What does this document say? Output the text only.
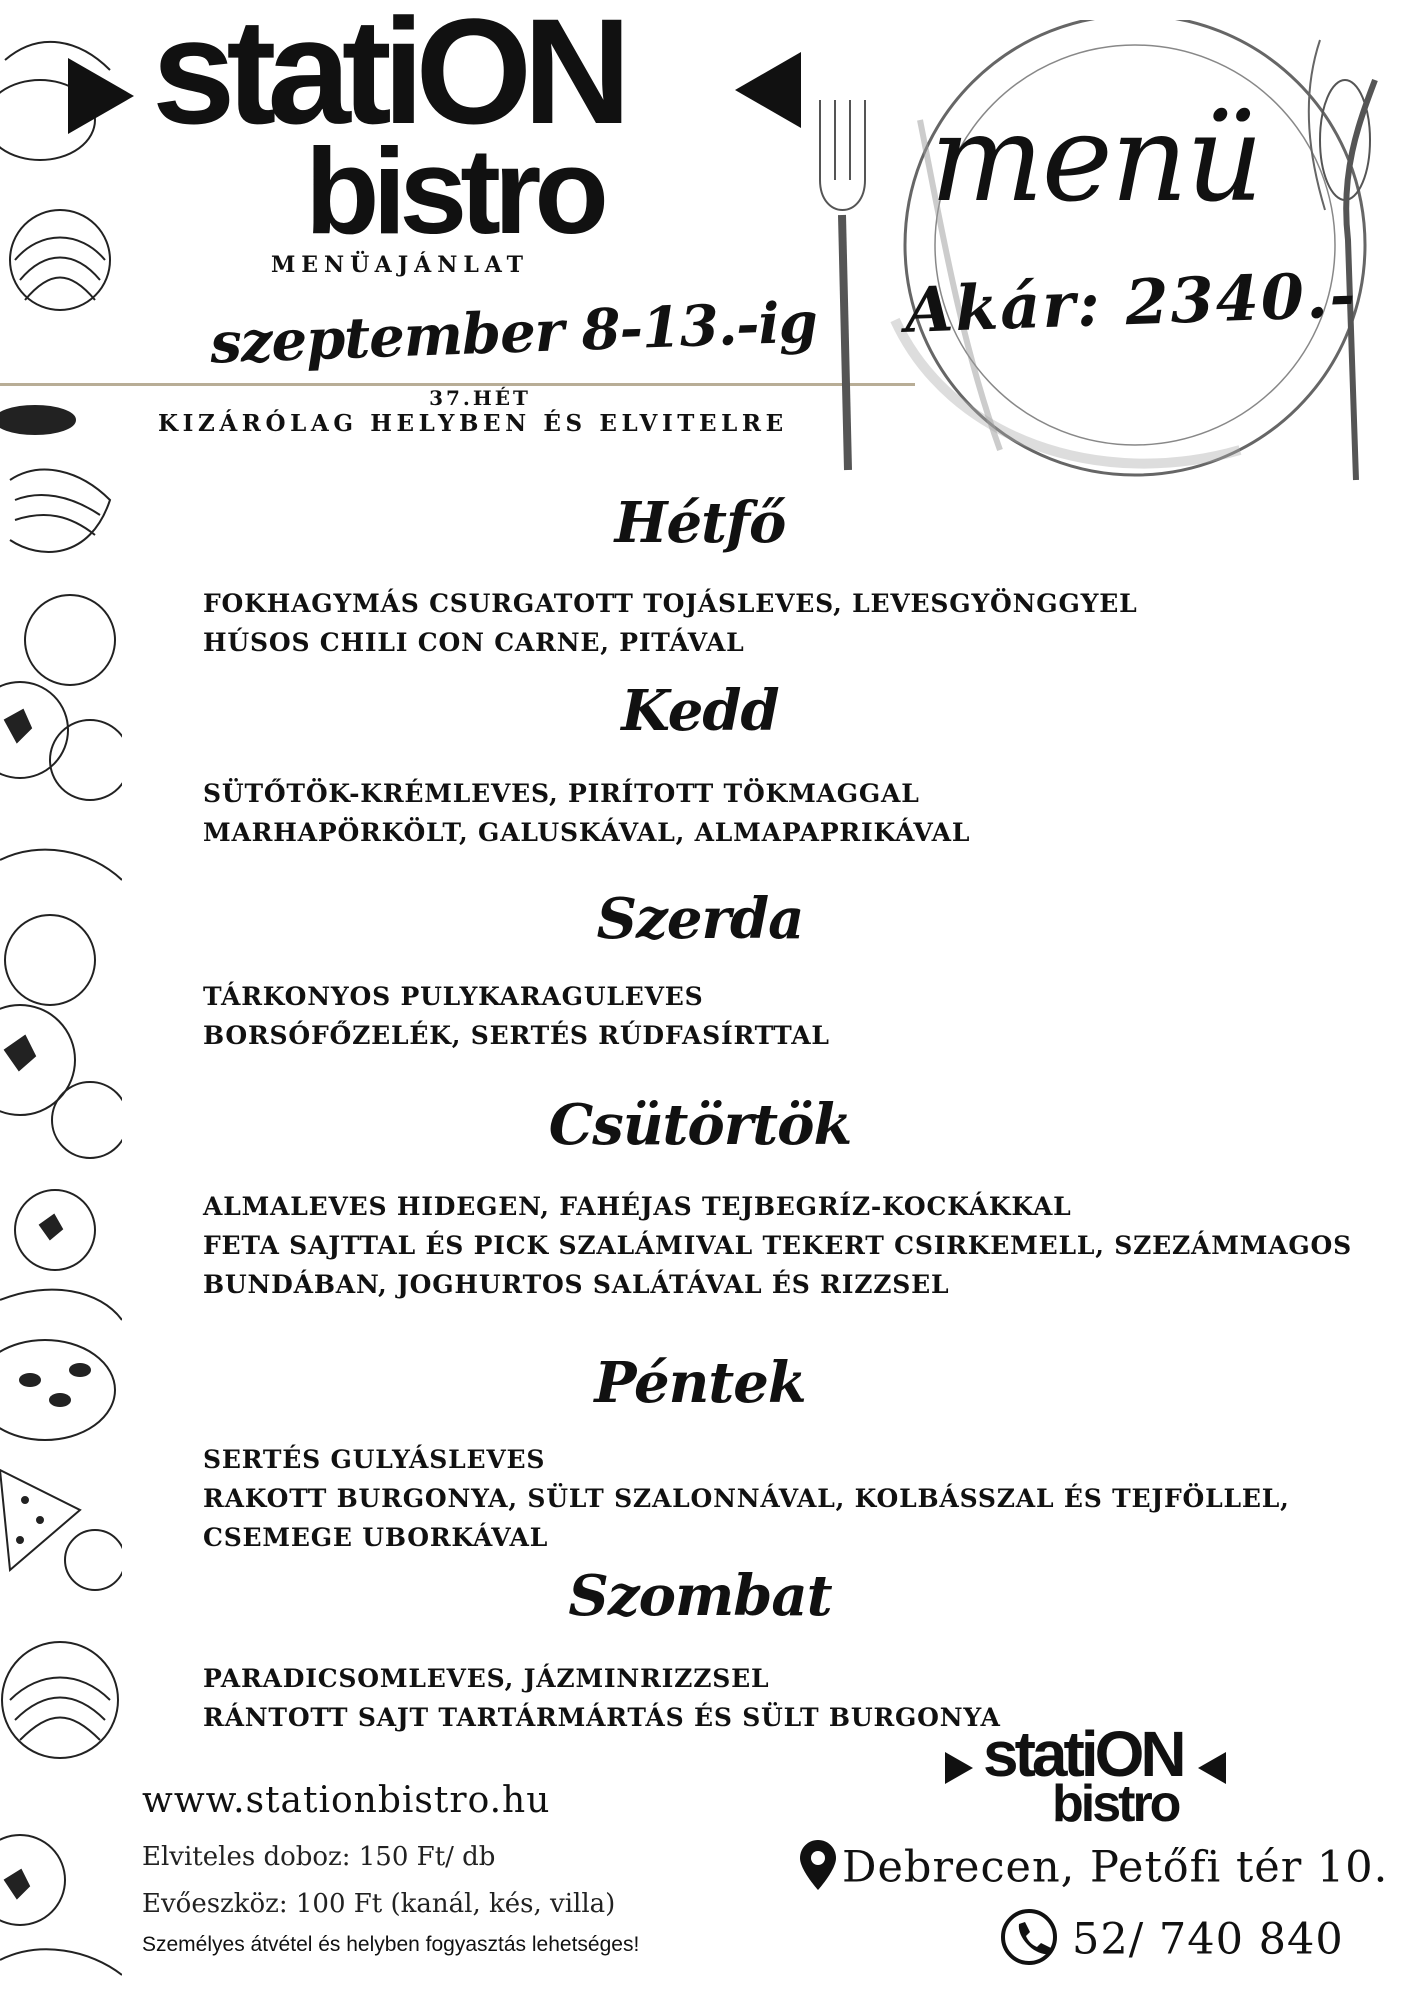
statiON
bistro
MENÜAJÁNLAT
szeptember 8-13.-ig
37.HÉT
KIZÁRÓLAG HELYBEN ÉS ELVITELRE
menü
Akár: 2340.-
Hétfő
FOKHAGYMÁS CSURGATOTT TOJÁSLEVES, LEVESGYÖNGGYEL
HÚSOS CHILI CON CARNE, PITÁVAL
Kedd
SÜTŐTÖK-KRÉMLEVES, PIRÍTOTT TÖKMAGGAL
MARHAPÖRKÖLT, GALUSKÁVAL, ALMAPAPRIKÁVAL
Szerda
TÁRKONYOS PULYKARAGULEVES
BORSÓFŐZELÉK, SERTÉS RÚDFASÍRTTAL
Csütörtök
ALMALEVES HIDEGEN, FAHÉJAS TEJBEGRÍZ-KOCKÁKKAL
FETA SAJTTAL ÉS PICK SZALÁMIVAL TEKERT CSIRKEMELL, SZEZÁMMAGOS
BUNDÁBAN, JOGHURTOS SALÁTÁVAL ÉS RIZZSEL
Péntek
SERTÉS GULYÁSLEVES
RAKOTT BURGONYA, SÜLT SZALONNÁVAL, KOLBÁSSZAL ÉS TEJFÖLLEL,
CSEMEGE UBORKÁVAL
Szombat
PARADICSOMLEVES, JÁZMINRIZZSEL
RÁNTOTT SAJT TARTÁRMÁRTÁS ÉS SÜLT BURGONYA
www.stationbistro.hu
Elviteles doboz: 150 Ft/ db
Evőeszköz: 100 Ft (kanál, kés, villa)
Személyes átvétel és helyben fogyasztás lehetséges!
statiON
bistro
Debrecen, Petőfi tér 10.
52/ 740 840
